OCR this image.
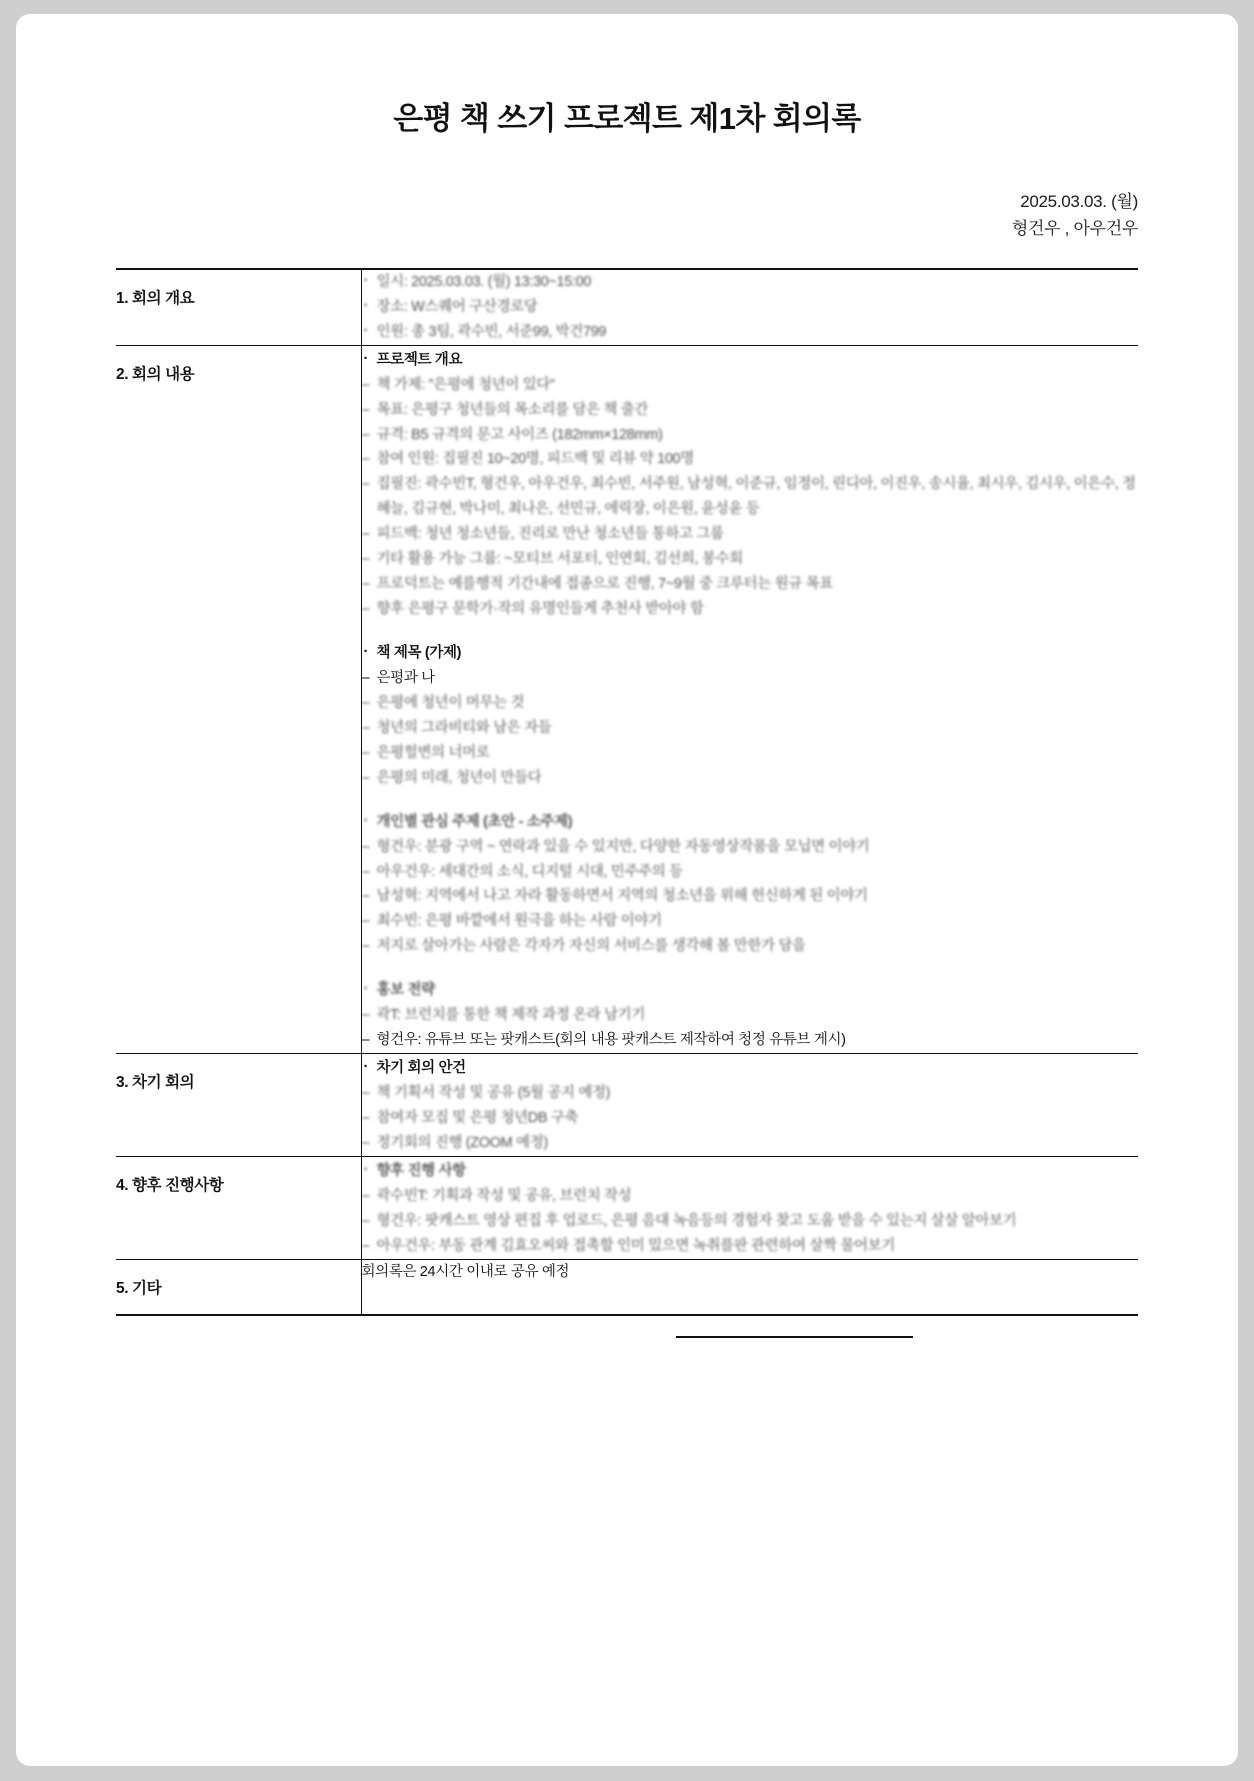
은평 책 쓰기 프로젝트 제1차 회의록
2025.03.03. (월)
형건우 , 아우건우
1. 회의 개요

· 일시: 2025.03.03. (월) 13:30~15:00
· 장소: W스퀘어 구산경로당
· 인원: 총 3팀, 곽수빈, 서준99, 박건799

2. 회의 내용

· 프로젝트 개요
– 책 가제: "은평에 청년이 있다"
– 목표: 은평구 청년들의 목소리를 담은 책 출간
– 규격: B5 규격의 문고 사이즈 (182mm×128mm)
– 참여 인원: 집필진 10~20명, 피드백 및 리뷰 약 100명
– 집필진: 곽수빈T, 형건우, 아우건우, 최수빈, 서주원, 남성혁, 이준규, 임정이, 린디아, 이진우, 송시율, 최시우, 김시우, 이은수, 정혜늘, 김규현, 박나미, 최나은, 선민규, 에릭장, 이은원, 윤성윤 등
– 피드백: 청년 청소년들, 진리로 만난 청소년들 통하고 그룹
– 기타 활용 가능 그룹: ~모티브 서포터, 인연회, 김선희, 봉수회
– 프로덕트는 예를행적 기간내에 접종으로 진행, 7~9월 중 크루터는 원규 목표
– 향후 은평구 문학가·작의 유명인들게 추천사 받아야 함
· 책 제목 (가제)
– 은평과 나
– 은평에 청년이 머무는 것
– 청년의 그라비티와 남은 자들
– 은평헐변의 너머로
– 은평의 미래, 청년이 만들다
· 개인별 관심 주제 (초안 - 소주제)
– 형건우: 분광 구역 ~ 연락과 있을 수 있지만, 다양한 자동영상작품을 모닙면 이야기
– 아우건우: 세대간의 소식, 디지털 시대, 민주주의 등
– 남성혁: 지역에서 나고 자라 활동하면서 지역의 청소년을 위해 헌신하게 된 이야기
– 최수빈: 은평 바깥에서 원극을 하는 사람 이야기
– 저지로 살아가는 사람은 각자가 자신의 서비스를 생각해 볼 만한가 담을
· 홍보 전략
– 곽T: 브런치를 통한 책 제작 과정 온라 남기기
– 형건우: 유튜브 또는 팟캐스트(회의 내용 팟캐스트 제작하여 청정 유튜브 게시)

3. 차기 회의

· 차기 회의 안건
– 책 기획서 작성 및 공유 (5월 공지 예정)
– 참여자 모집 및 은평 청년DB 구축
– 정기회의 진행 (ZOOM 예정)

4. 향후 진행사항

· 향후 진행 사항
– 곽수빈T: 기획과 작성 및 공유, 브런치 작성
– 형건우: 팟캐스트 영상 편집 후 업로드, 은평 음대 녹음등의 경험자 찾고 도움 받을 수 있는지 살살 알아보기
– 아우건우: 부동 관계 김효오씨와 접촉할 인미 밌으면 녹취플판 관련하여 살짝 물어보기

5. 기타

회의록은 24시간 이내로 공유 예정
